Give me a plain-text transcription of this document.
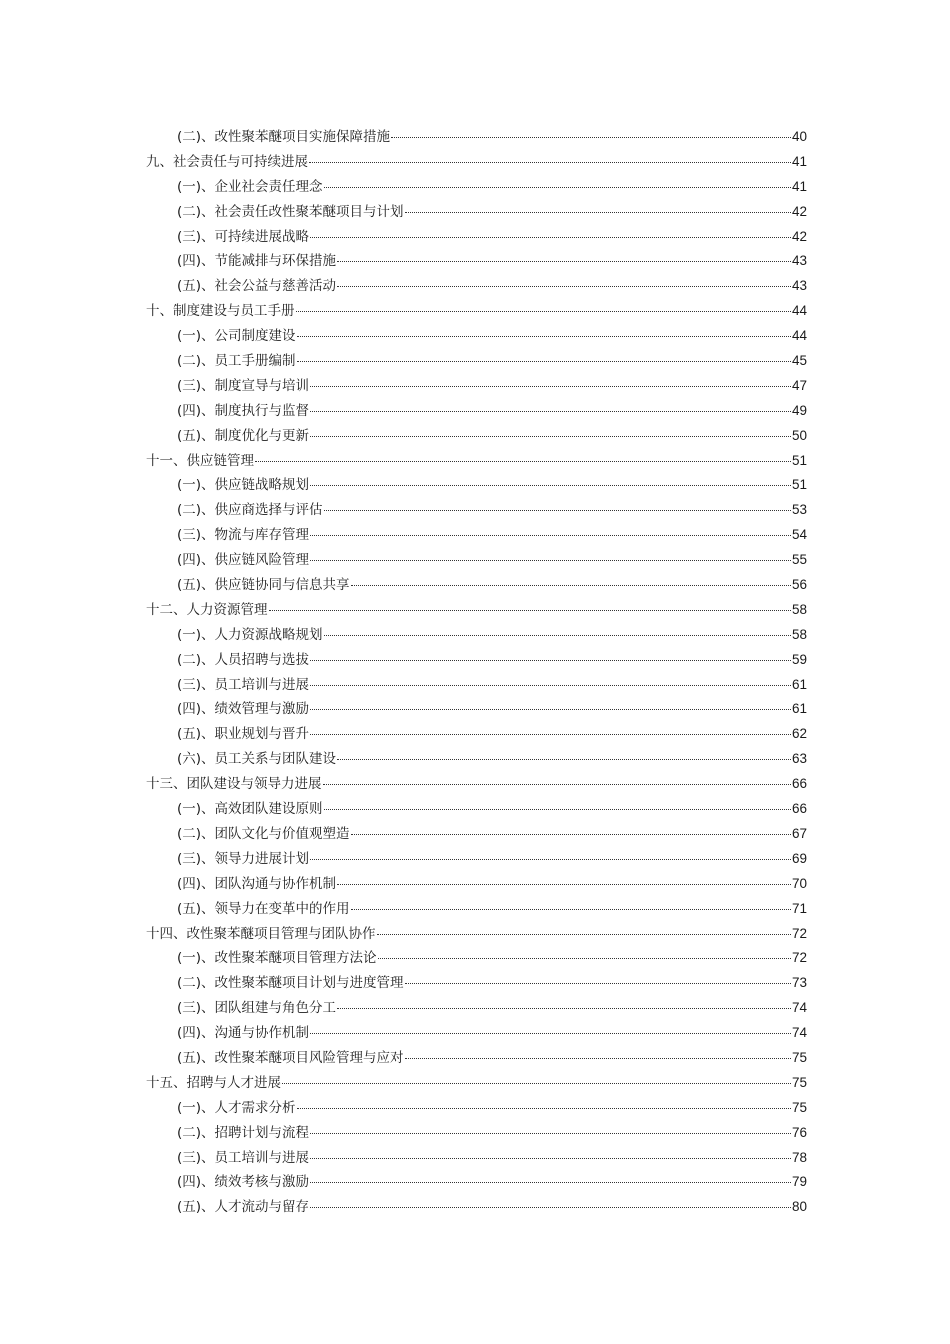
(二)、改性聚苯醚项目实施保障措施	40
九、社会责任与可持续进展	41
(一)、企业社会责任理念	41
(二)、社会责任改性聚苯醚项目与计划	42
(三)、可持续进展战略	42
(四)、节能减排与环保措施	43
(五)、社会公益与慈善活动	43
十、制度建设与员工手册	44
(一)、公司制度建设	44
(二)、员工手册编制	45
(三)、制度宣导与培训	47
(四)、制度执行与监督	49
(五)、制度优化与更新	50
十一、供应链管理	51
(一)、供应链战略规划	51
(二)、供应商选择与评估	53
(三)、物流与库存管理	54
(四)、供应链风险管理	55
(五)、供应链协同与信息共享	56
十二、人力资源管理	58
(一)、人力资源战略规划	58
(二)、人员招聘与选拔	59
(三)、员工培训与进展	61
(四)、绩效管理与激励	61
(五)、职业规划与晋升	62
(六)、员工关系与团队建设	63
十三、团队建设与领导力进展	66
(一)、高效团队建设原则	66
(二)、团队文化与价值观塑造	67
(三)、领导力进展计划	69
(四)、团队沟通与协作机制	70
(五)、领导力在变革中的作用	71
十四、改性聚苯醚项目管理与团队协作	72
(一)、改性聚苯醚项目管理方法论	72
(二)、改性聚苯醚项目计划与进度管理	73
(三)、团队组建与角色分工	74
(四)、沟通与协作机制	74
(五)、改性聚苯醚项目风险管理与应对	75
十五、招聘与人才进展	75
(一)、人才需求分析	75
(二)、招聘计划与流程	76
(三)、员工培训与进展	78
(四)、绩效考核与激励	79
(五)、人才流动与留存	80
